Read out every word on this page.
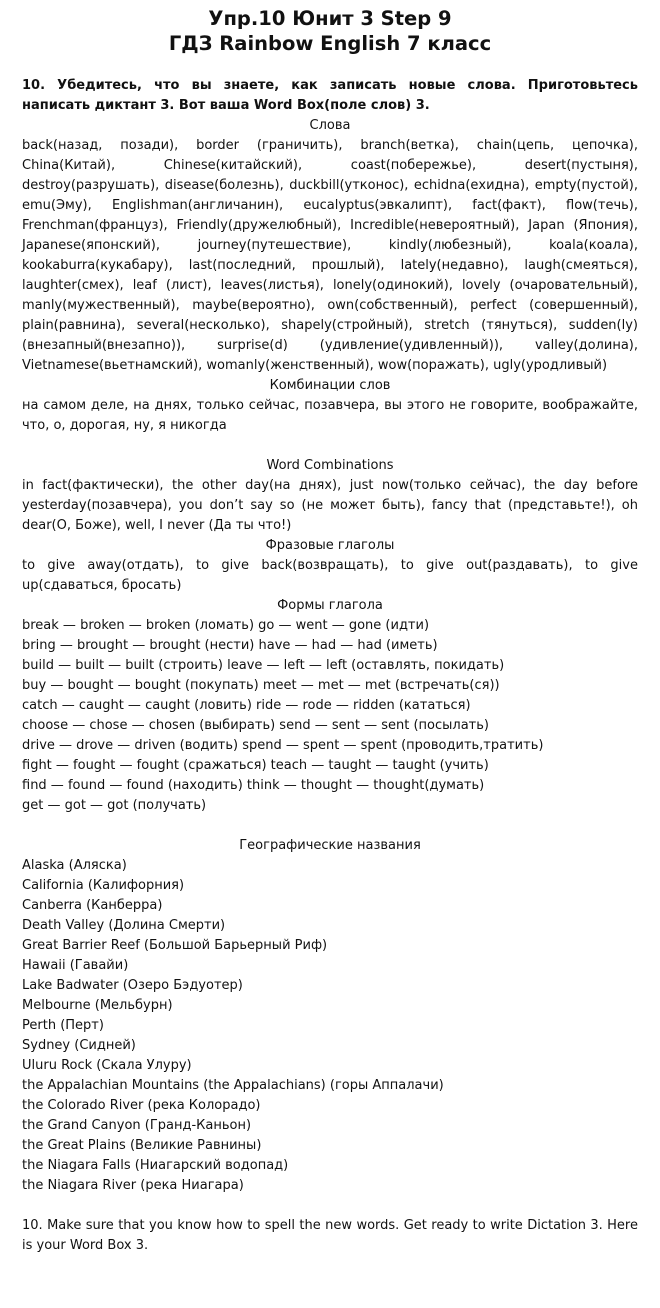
Упр.10 Юнит 3 Step 9
ГДЗ Rainbow English 7 класс
10. Убедитесь, что вы знаете, как записать новые слова. Приготовьтесь написать диктант 3. Вот ваша Word Box(поле слов) 3.
Слова
back(назад, позади), border (граничить), branch(ветка), chain(цепь, цепочка), China(Китай), Chinese(китайский), coast(побережье), desert(пустыня), destroy(разрушать), disease(болезнь), duckbill(утконос), echidna(ехидна), empty(пустой), emu(Эму), Englishman(англичанин), eucalyptus(эвкалипт), fact(факт), flow(течь), Frenchman(француз), Friendly(дружелюбный), Incredible(невероятный), Japan (Япония), Japanese(японский), journey(путешествие), kindly(любезный), koala(коала), kookaburra(кукабару), last(последний, прошлый), lately(недавно), laugh(смеяться), laughter(смех), leaf (лист), leaves(листья), lonely(одинокий), lovely (очаровательный), manly(мужественный), maybe(вероятно), own(собственный), perfect (совершенный), plain(равнина), several(несколько), shapely(стройный), stretch (тянуться), sudden(ly)(внезапный(внезапно)), surprise(d) (удивление(удивленный)), valley(долина), Vietnamese(вьетнамский), womanly(женственный), wow(поражать), ugly(уродливый)
Комбинации слов
на самом деле, на днях, только сейчас, позавчера, вы этого не говорите, воображайте, что, о, дорогая, ну, я никогда
Word Combinations
in fact(фактически), the other day(на днях), just now(только сейчас), the day before yesterday(позавчера), you don’t say so (не может быть), fancy that (представьте!), oh dear(О, Боже), well, I never (Да ты что!)
Фразовые глаголы
to give away(отдать), to give back(возвращать), to give out(раздавать), to give up(сдаваться, бросать)
Формы глагола
break — broken — broken (ломать) go — went — gone (идти)
bring — brought — brought (нести) have — had — had (иметь)
build — built — built (строить) leave — left — left (оставлять, покидать)
buy — bought — bought (покупать) meet — met — met (встречать(ся))
catch — caught — caught (ловить) ride — rode — ridden (кататься)
choose — chose — chosen (выбирать) send — sent — sent (посылать)
drive — drove — driven (водить) spend — spent — spent (проводить,тратить)
fight — fought — fought (сражаться) teach — taught — taught (учить)
find — found — found (находить) think — thought — thought(думать)
get — got — got (получать)
Географические названия
Alaska (Аляска)
California (Калифорния)
Canberra (Канберра)
Death Valley (Долина Смерти)
Great Barrier Reef (Большой Барьерный Риф)
Hawaii (Гавайи)
Lake Badwater (Озеро Бэдуотер)
Melbourne (Мельбурн)
Perth (Перт)
Sydney (Сидней)
Uluru Rock (Скала Улуру)
the Appalachian Mountains (the Appalachians) (горы Аппалачи)
the Colorado River (река Колорадо)
the Grand Canyon (Гранд-Каньон)
the Great Plains (Великие Равнины)
the Niagara Falls (Ниагарский водопад)
the Niagara River (река Ниагара)
10. Make sure that you know how to spell the new words. Get ready to write Dictation 3. Here is your Word Box 3.
